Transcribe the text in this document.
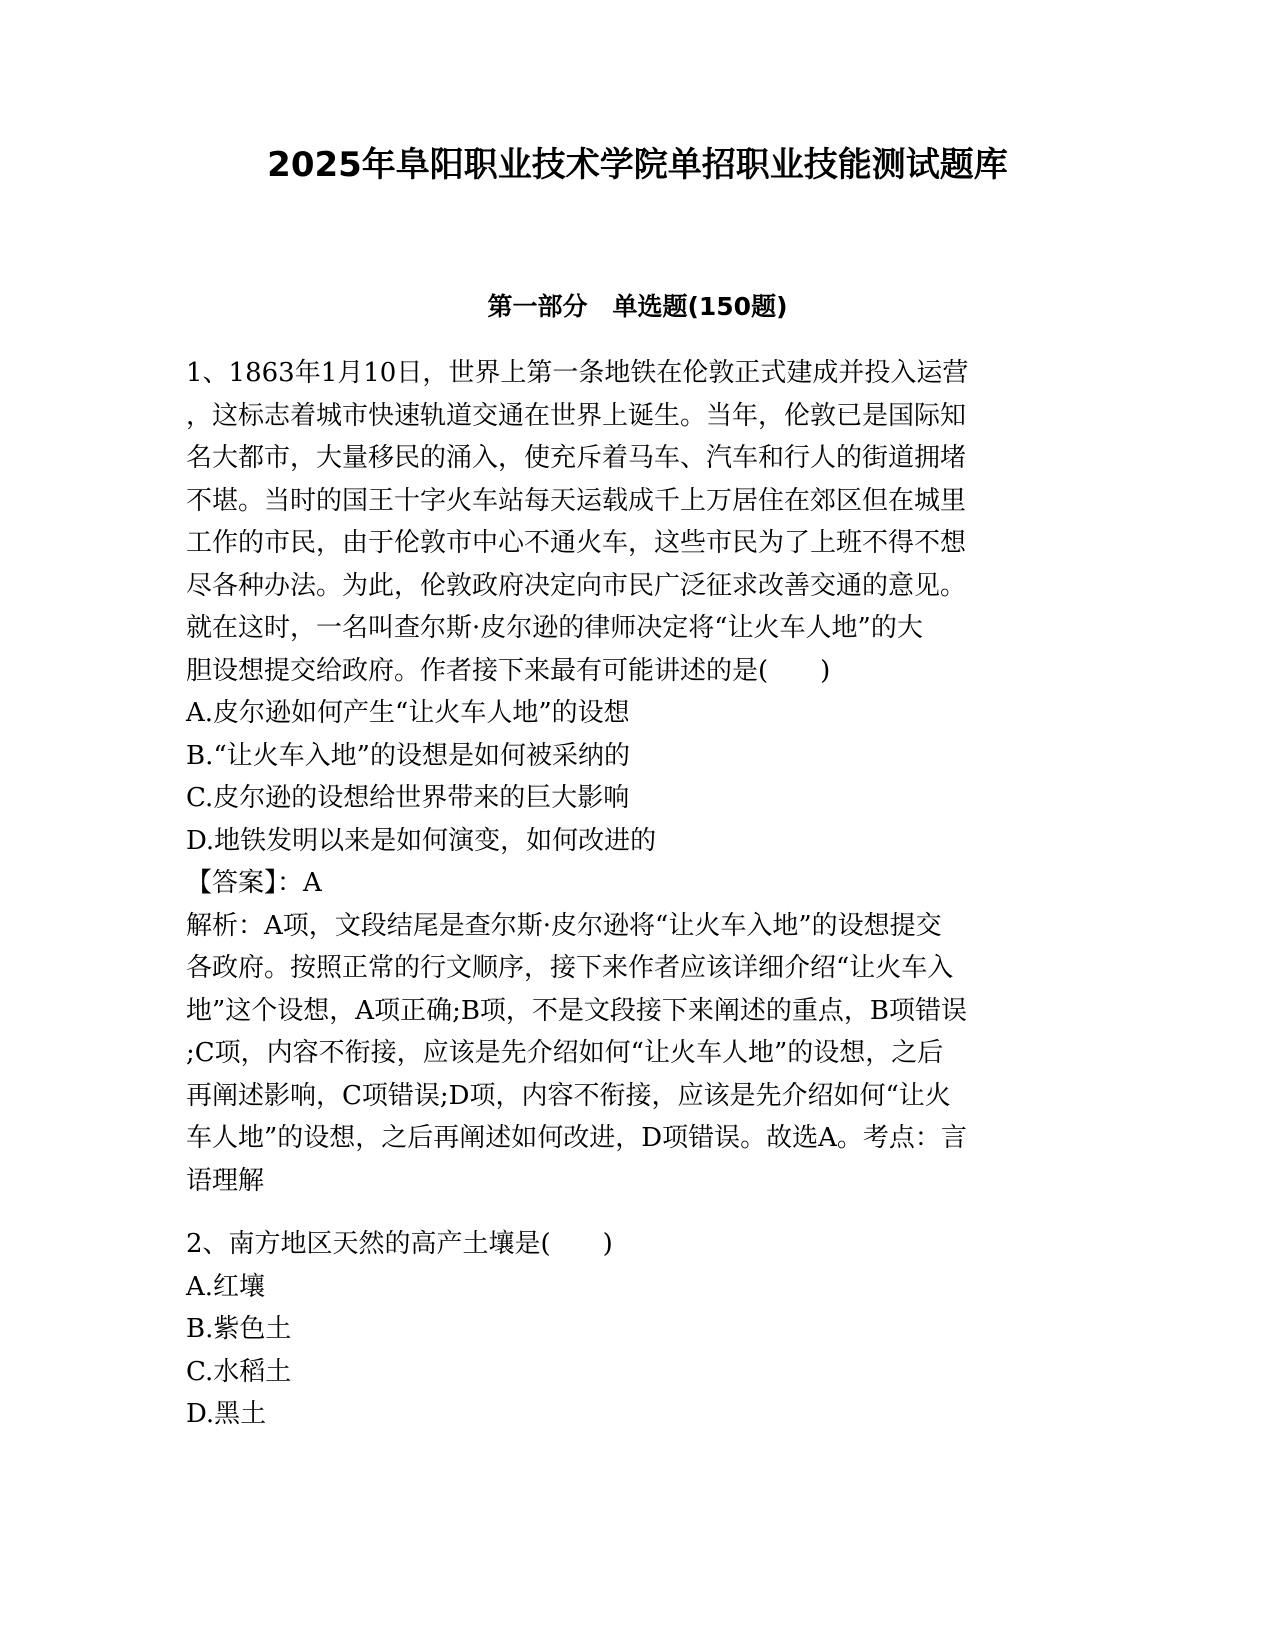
2025年阜阳职业技术学院单招职业技能测试题库
第一部分　单选题(150题)
1、1863年1月10日，世界上第一条地铁在伦敦正式建成并投入运营
，这标志着城市快速轨道交通在世界上诞生。当年，伦敦已是国际知
名大都市，大量移民的涌入，使充斥着马车、汽车和行人的街道拥堵
不堪。当时的国王十字火车站每天运载成千上万居住在郊区但在城里
工作的市民，由于伦敦市中心不通火车，这些市民为了上班不得不想
尽各种办法。为此，伦敦政府决定向市民广泛征求改善交通的意见。
就在这时，一名叫查尔斯·皮尔逊的律师决定将“让火车人地”的大
胆设想提交给政府。作者接下来最有可能讲述的是(　　)
A.皮尔逊如何产生“让火车人地”的设想
B.“让火车入地”的设想是如何被采纳的
C.皮尔逊的设想给世界带来的巨大影响
D.地铁发明以来是如何演变，如何改进的
【答案】：A
解析：A项，文段结尾是查尔斯·皮尔逊将“让火车入地”的设想提交
各政府。按照正常的行文顺序，接下来作者应该详细介绍“让火车入
地”这个设想，A项正确;B项，不是文段接下来阐述的重点，B项错误
;C项，内容不衔接，应该是先介绍如何“让火车人地”的设想，之后
再阐述影响，C项错误;D项，内容不衔接，应该是先介绍如何“让火
车人地”的设想，之后再阐述如何改进，D项错误。故选A。考点：言
语理解
2、南方地区天然的高产土壤是(　　)
A.红壤
B.紫色土
C.水稻土
D.黑土
